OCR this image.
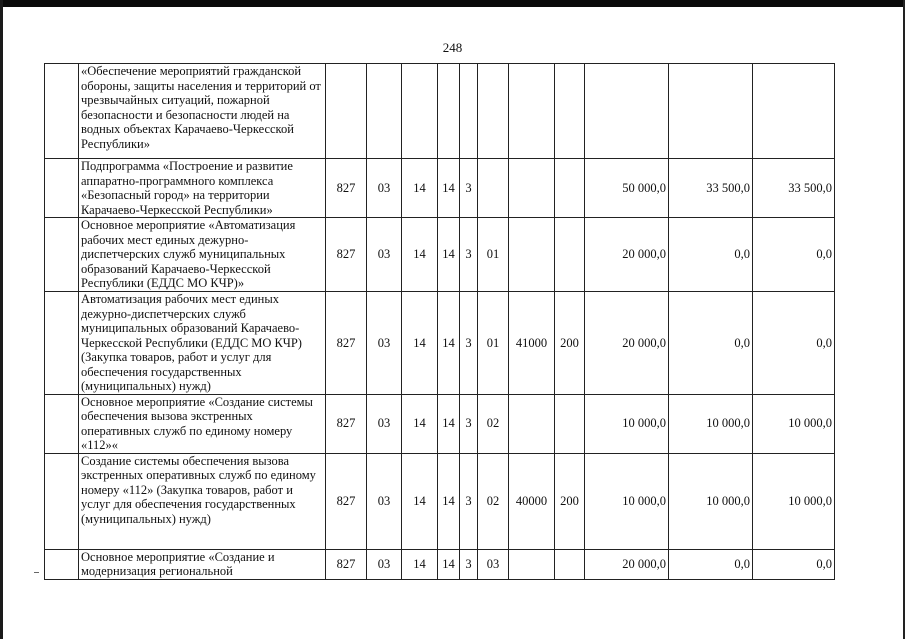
248
	«Обеспечение мероприятий гражданской обороны, защиты населения и территорий от чрезвычайных ситуаций, пожарной безопасности и безопасности людей на водных объектах Карачаево-Черкесской Республики»											
	Подпрограмма «Построение и развитие аппаратно-программного комплекса «Безопасный город» на территории Карачаево-Черкесской Республики»	827	03	14	14	3				50 000,0	33 500,0	33 500,0
	Основное мероприятие «Автоматизация рабочих мест единых дежурно-диспетчерских служб муниципальных образований Карачаево-Черкесской Республики (ЕДДС МО КЧР)»	827	03	14	14	3	01			20 000,0	0,0	0,0
	Автоматизация рабочих мест единых дежурно-диспетчерских служб муниципальных образований Карачаево-Черкесской Республики (ЕДДС МО КЧР) (Закупка товаров, работ и услуг для обеспечения государственных (муниципальных) нужд)	827	03	14	14	3	01	41000	200	20 000,0	0,0	0,0
	Основное мероприятие «Создание системы обеспечения вызова экстренных оперативных служб по единому номеру «112»«	827	03	14	14	3	02			10 000,0	10 000,0	10 000,0
	Создание системы обеспечения вызова экстренных оперативных служб по единому номеру «112» (Закупка товаров, работ и услуг для обеспечения государственных (муниципальных) нужд)	827	03	14	14	3	02	40000	200	10 000,0	10 000,0	10 000,0
	Основное мероприятие «Создание и модернизация региональной	827	03	14	14	3	03			20 000,0	0,0	0,0
